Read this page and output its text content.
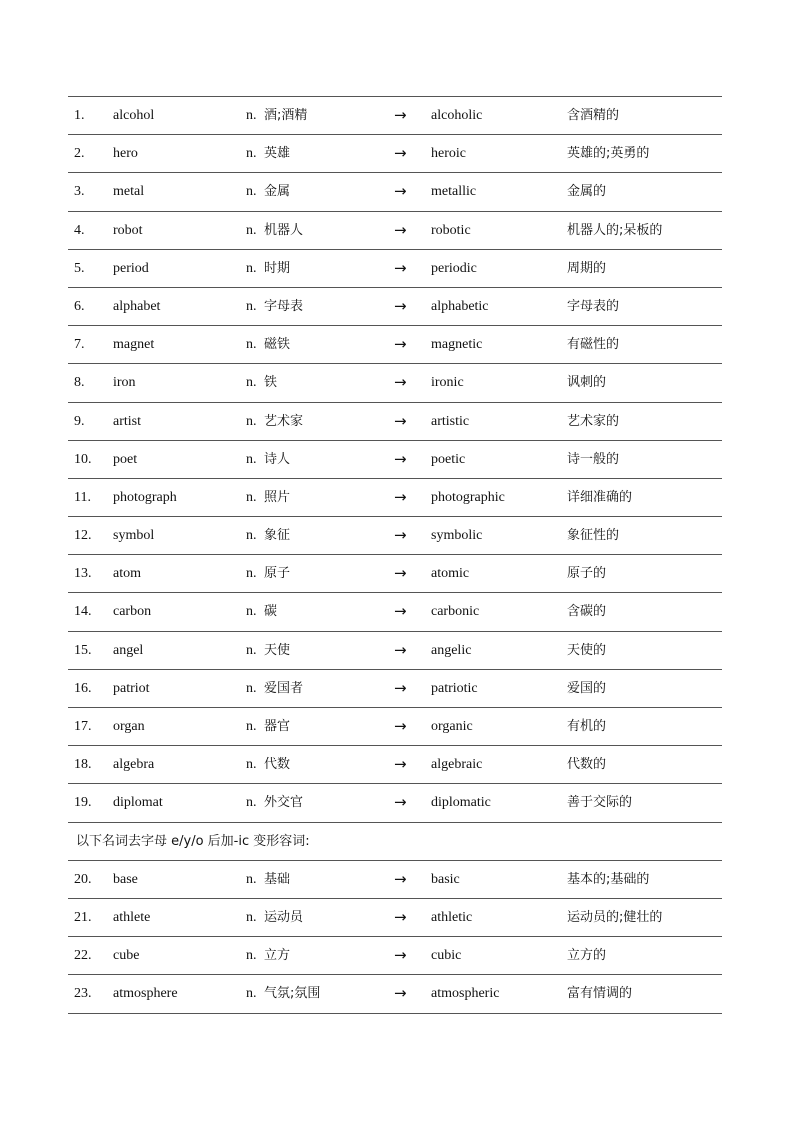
1. alcohol	n. 酒;酒精	→ alcoholic	含酒精的
2. hero	n. 英雄	→ heroic	英雄的;英勇的
3. metal	n. 金属	→ metallic	金属的
4. robot	n. 机器人	→ robotic	机器人的;呆板的
5. period	n. 时期	→ periodic	周期的
6. alphabet	n. 字母表	→ alphabetic	字母表的
7. magnet	n. 磁铁	→ magnetic	有磁性的
8. iron	n. 铁	→ ironic	讽刺的
9. artist	n. 艺术家	→ artistic	艺术家的
10. poet	n. 诗人	→ poetic	诗一般的
11. photograph	n. 照片	→ photographic	详细准确的
12. symbol	n. 象征	→ symbolic	象征性的
13. atom	n. 原子	→ atomic	原子的
14. carbon	n. 碳	→ carbonic	含碳的
15. angel	n. 天使	→ angelic	天使的
16. patriot	n. 爱国者	→ patriotic	爱国的
17. organ	n. 器官	→ organic	有机的
18. algebra	n. 代数	→ algebraic	代数的
19. diplomat	n. 外交官	→ diplomatic	善于交际的
以下名词去字母 e/y/o 后加-ic 变形容词:
20. base	n. 基础	→ basic	基本的;基础的
21. athlete	n. 运动员	→ athletic	运动员的;健壮的
22. cube	n. 立方	→ cubic	立方的
23. atmosphere	n. 气氛;氛围	→ atmospheric	富有情调的
